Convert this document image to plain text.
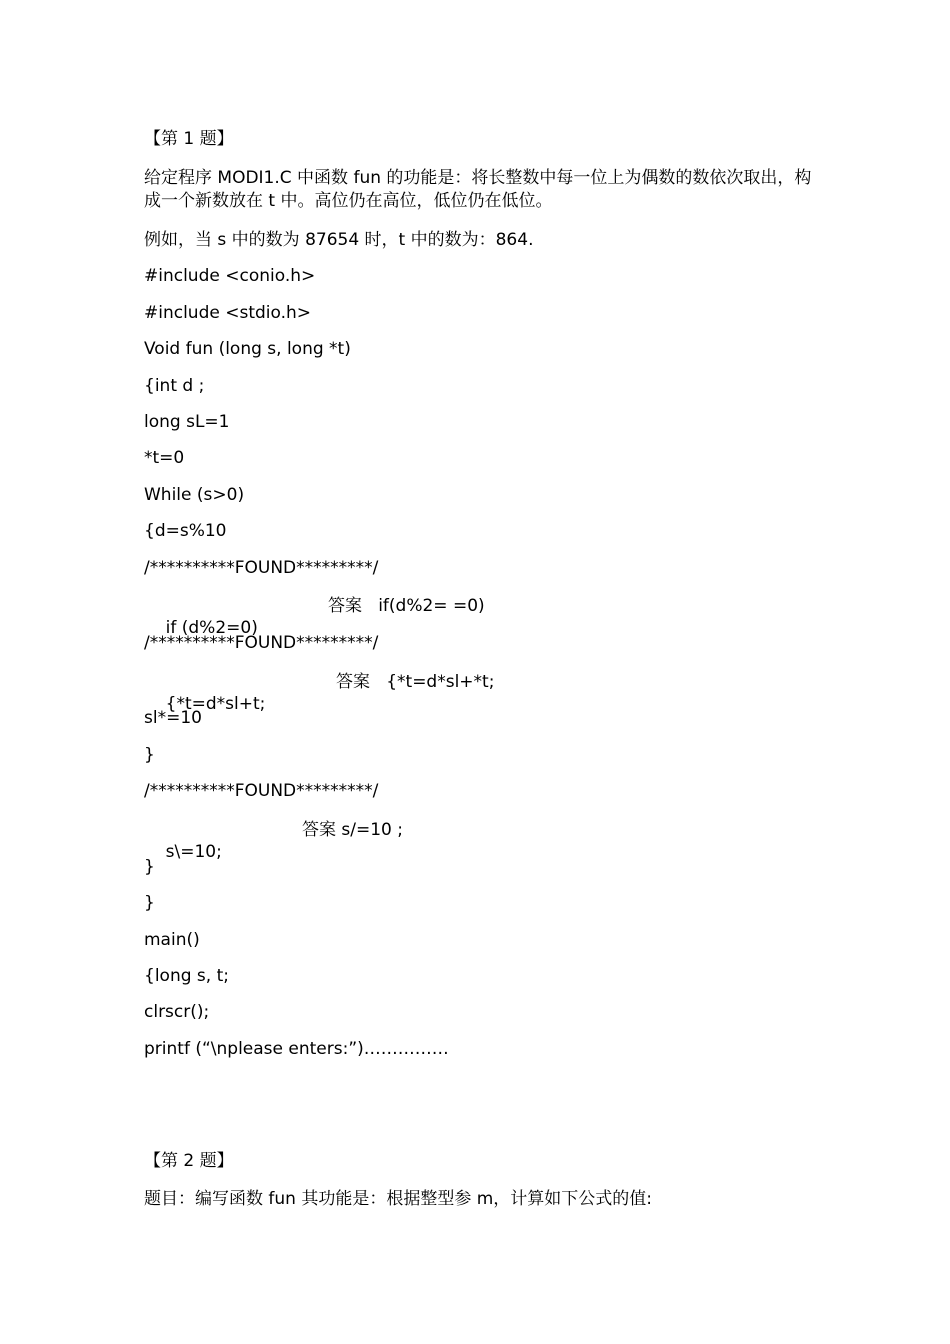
【第 1 题】
给定程序 MODI1.C 中函数 fun 的功能是：将长整数中每一位上为偶数的数依次取出，构成一个新数放在 t 中。高位仍在高位，低位仍在低位。
例如，当 s 中的数为 87654 时，t 中的数为：864.
#include <conio.h>
#include <stdio.h>
Void fun (long s, long *t)
{int d ;
long sL=1
*t=0
While (s>0)
{d=s%10
/**********FOUND*********/

if (d%2=0)

答案   if(d%2= =0)

/**********FOUND*********/

{*t=d*sl+t;

答案   {*t=d*sl+*t;

sl*=10
}
/**********FOUND*********/

s\=10;

答案 s/=10 ;

}
}
main()
{long s, t;
clrscr();
printf (“\nplease enters:”)……………
【第 2 题】
题目：编写函数 fun 其功能是：根据整型参 m，计算如下公式的值:
